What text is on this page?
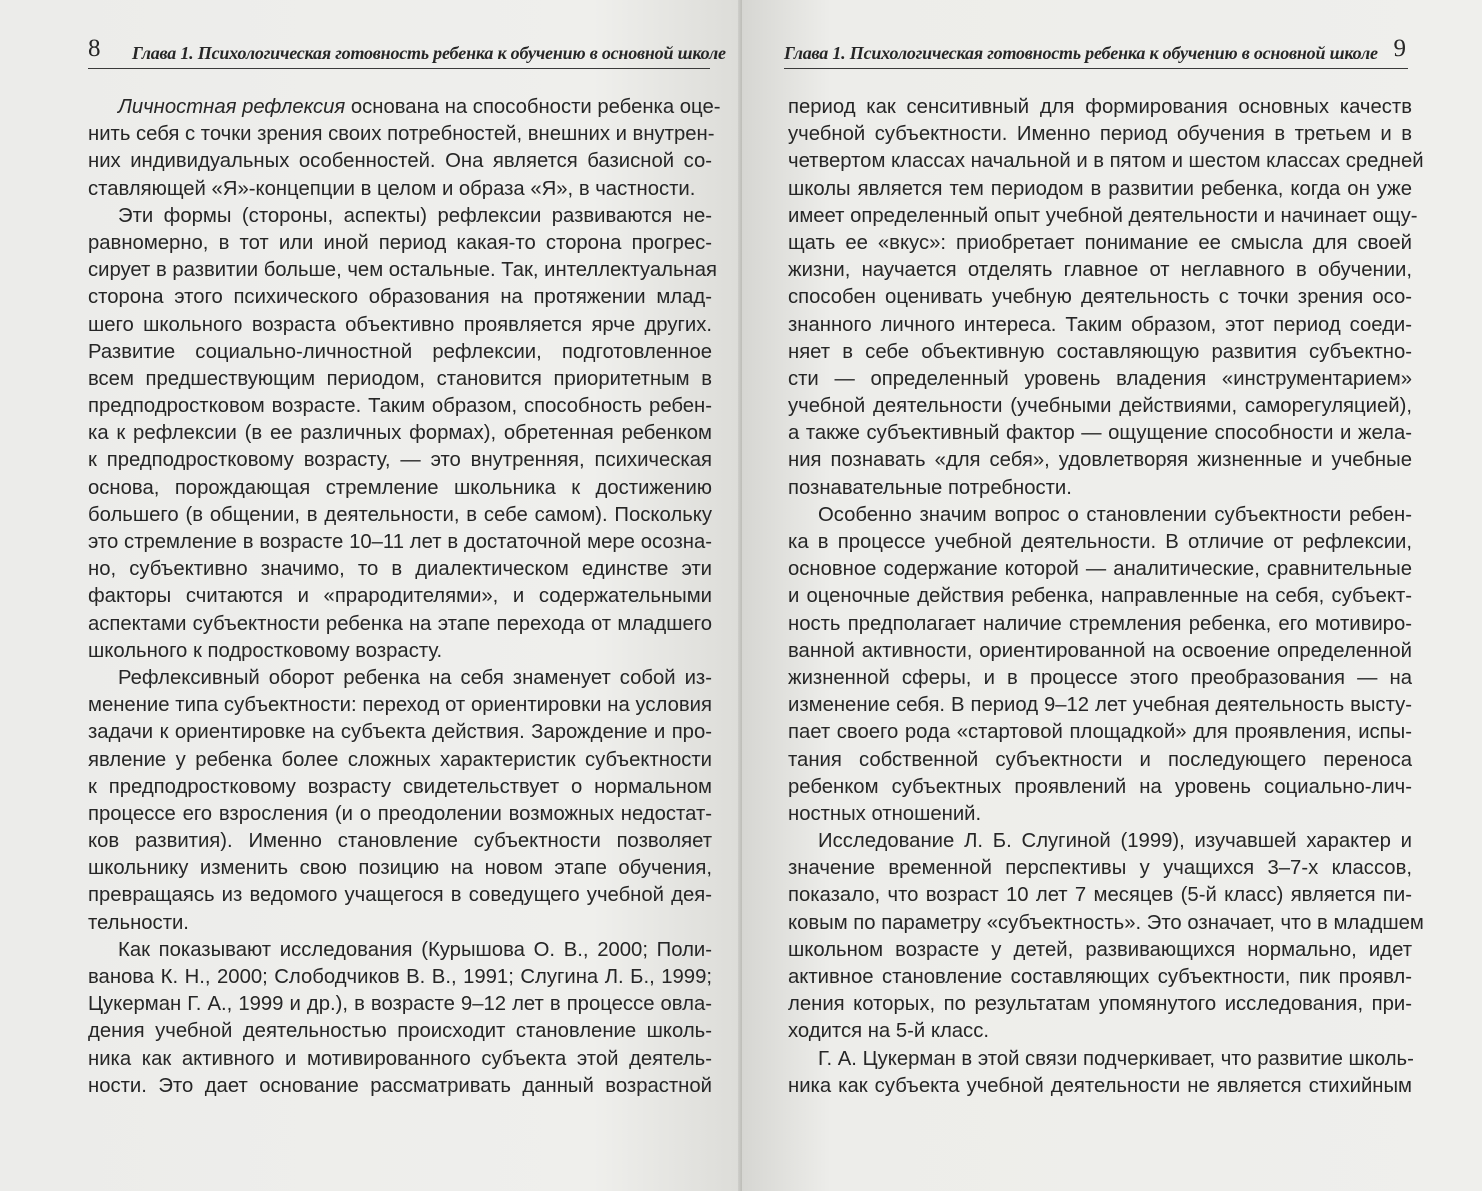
8 Глава 1. Психологическая готовность ребенка к обучению в основной школе
Личностная рефлексия основана на способности ребенка оце-
нить себя с точки зрения своих потребностей, внешних и внутрен-
них индивидуальных особенностей. Она является базисной со-
ставляющей «Я»-концепции в целом и образа «Я», в частности.
Эти формы (стороны, аспекты) рефлексии развиваются не-
равномерно, в тот или иной период какая-то сторона прогрес-
сирует в развитии больше, чем остальные. Так, интеллектуальная
сторона этого психического образования на протяжении млад-
шего школьного возраста объективно проявляется ярче других.
Развитие социально-личностной рефлексии, подготовленное
всем предшествующим периодом, становится приоритетным в
предподростковом возрасте. Таким образом, способность ребен-
ка к рефлексии (в ее различных формах), обретенная ребенком
к предподростковому возрасту, — это внутренняя, психическая
основа, порождающая стремление школьника к достижению
большего (в общении, в деятельности, в себе самом). Поскольку
это стремление в возрасте 10–11 лет в достаточной мере осозна-
но, субъективно значимо, то в диалектическом единстве эти
факторы считаются и «прародителями», и содержательными
аспектами субъектности ребенка на этапе перехода от младшего
школьного к подростковому возрасту.
Рефлексивный оборот ребенка на себя знаменует собой из-
менение типа субъектности: переход от ориентировки на условия
задачи к ориентировке на субъекта действия. Зарождение и про-
явление у ребенка более сложных характеристик субъектности
к предподростковому возрасту свидетельствует о нормальном
процессе его взросления (и о преодолении возможных недостат-
ков развития). Именно становление субъектности позволяет
школьнику изменить свою позицию на новом этапе обучения,
превращаясь из ведомого учащегося в соведущего учебной дея-
тельности.
Как показывают исследования (Курышова О. В., 2000; Поли-
ванова К. Н., 2000; Слободчиков В. В., 1991; Слугина Л. Б., 1999;
Цукерман Г. А., 1999 и др.), в возрасте 9–12 лет в процессе овла-
дения учебной деятельностью происходит становление школь-
ника как активного и мотивированного субъекта этой деятель-
ности. Это дает основание рассматривать данный возрастной
Глава 1. Психологическая готовность ребенка к обучению в основной школе 9
период как сенситивный для формирования основных качеств
учебной субъектности. Именно период обучения в третьем и в
четвертом классах начальной и в пятом и шестом классах средней
школы является тем периодом в развитии ребенка, когда он уже
имеет определенный опыт учебной деятельности и начинает ощу-
щать ее «вкус»: приобретает понимание ее смысла для своей
жизни, научается отделять главное от неглавного в обучении,
способен оценивать учебную деятельность с точки зрения осо-
знанного личного интереса. Таким образом, этот период соеди-
няет в себе объективную составляющую развития субъектно-
сти — определенный уровень владения «инструментарием»
учебной деятельности (учебными действиями, саморегуляцией),
а также субъективный фактор — ощущение способности и жела-
ния познавать «для себя», удовлетворяя жизненные и учебные
познавательные потребности.
Особенно значим вопрос о становлении субъектности ребен-
ка в процессе учебной деятельности. В отличие от рефлексии,
основное содержание которой — аналитические, сравнительные
и оценочные действия ребенка, направленные на себя, субъект-
ность предполагает наличие стремления ребенка, его мотивиро-
ванной активности, ориентированной на освоение определенной
жизненной сферы, и в процессе этого преобразования — на
изменение себя. В период 9–12 лет учебная деятельность высту-
пает своего рода «стартовой площадкой» для проявления, испы-
тания собственной субъектности и последующего переноса
ребенком субъектных проявлений на уровень социально-лич-
ностных отношений.
Исследование Л. Б. Слугиной (1999), изучавшей характер и
значение временной перспективы у учащихся 3–7-х классов,
показало, что возраст 10 лет 7 месяцев (5-й класс) является пи-
ковым по параметру «субъектность». Это означает, что в младшем
школьном возрасте у детей, развивающихся нормально, идет
активное становление составляющих субъектности, пик проявл-
ления которых, по результатам упомянутого исследования, при-
ходится на 5-й класс.
Г. А. Цукерман в этой связи подчеркивает, что развитие школь-
ника как субъекта учебной деятельности не является стихийным
